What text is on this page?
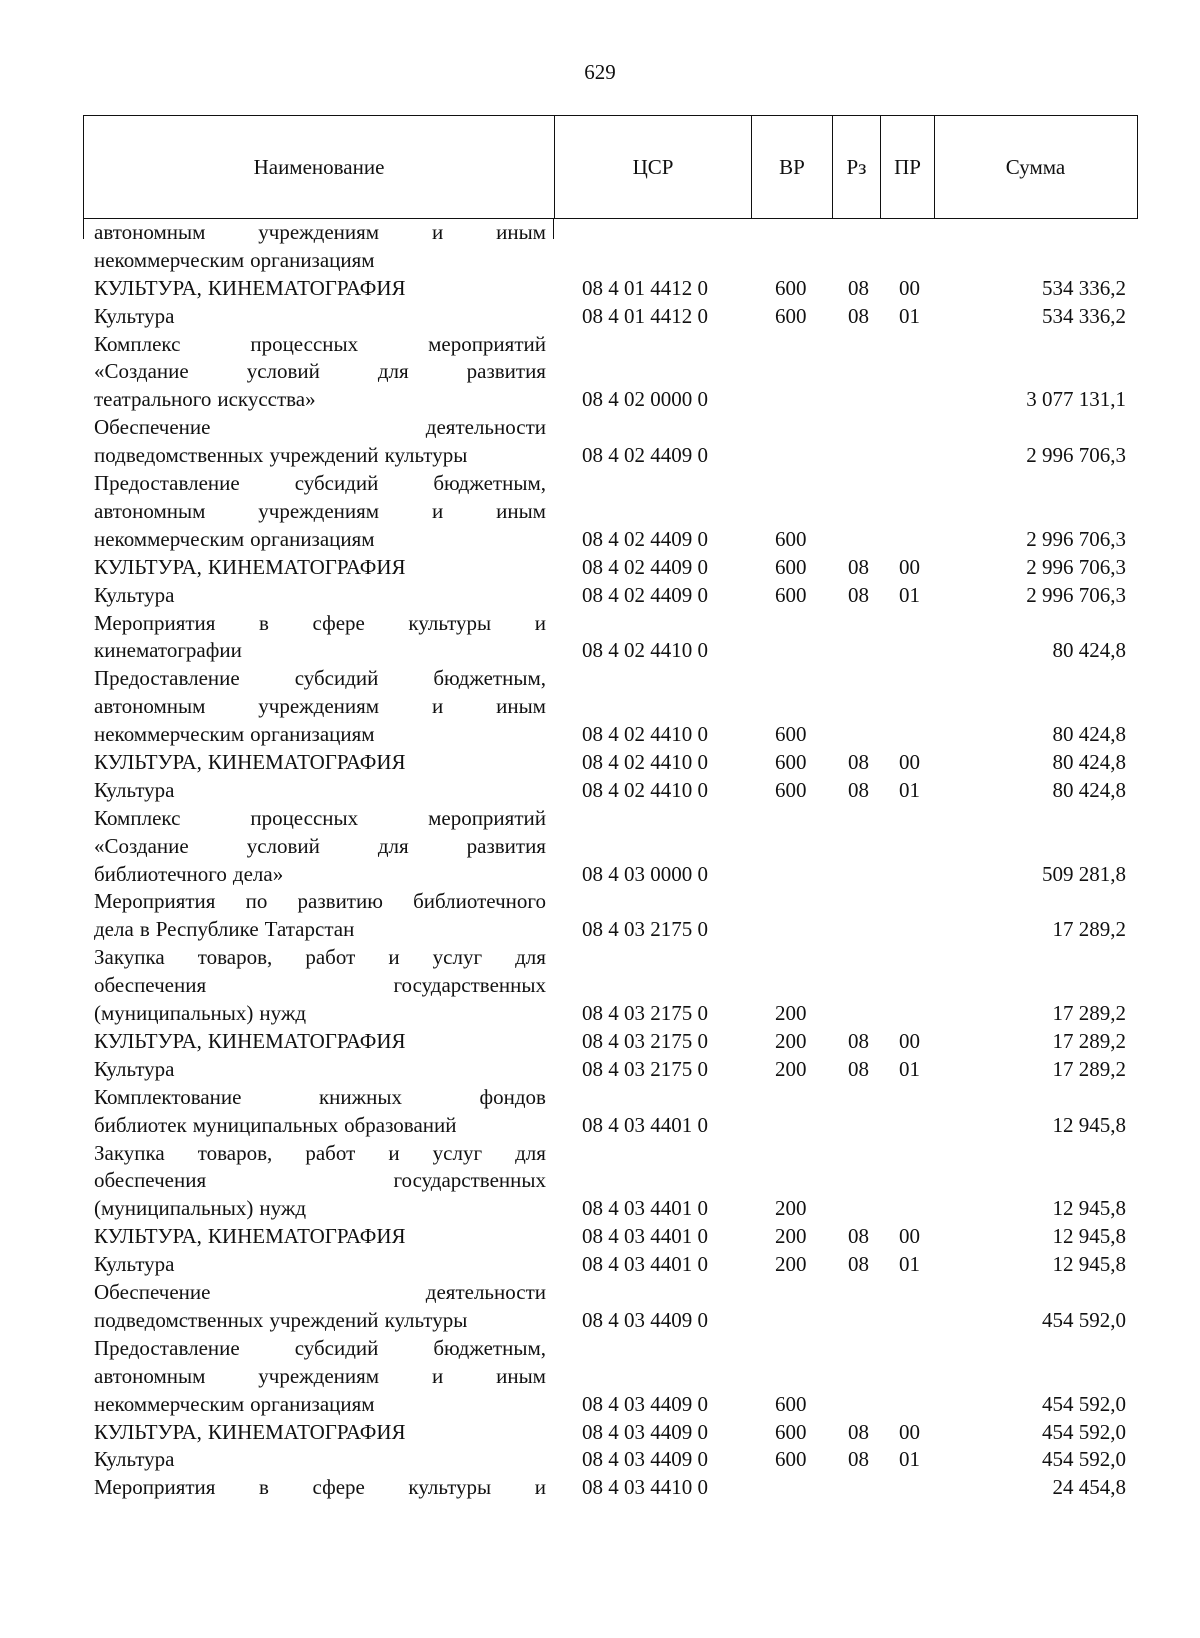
629
Наименование	ЦСР	ВР	Рз	ПР	Сумма
автономным	учреждениям	и	иным
некоммерческим организациям
КУЛЬТУРА, КИНЕМАТОГРАФИЯ	08 4 01 4412 0	600 08 00	534 336,2
Культура	08 4 01 4412 0	600 08 01	534 336,2
Комплекс	процессных	мероприятий
«Создание	условий	для	развития
театрального искусства»	08 4 02 0000 0	3 077 131,1
Обеспечение	деятельности
подведомственных учреждений культуры	08 4 02 4409 0	2 996 706,3
Предоставление	субсидий	бюджетным,
автономным	учреждениям	и	иным
некоммерческим организациям	08 4 02 4409 0	600	2 996 706,3
КУЛЬТУРА, КИНЕМАТОГРАФИЯ	08 4 02 4409 0	600 08 00	2 996 706,3
Культура	08 4 02 4409 0	600 08 01	2 996 706,3
Мероприятия в сфере культуры и
кинематографии	08 4 02 4410 0	80 424,8
Предоставление	субсидий	бюджетным,
автономным	учреждениям	и	иным
некоммерческим организациям	08 4 02 4410 0	600	80 424,8
КУЛЬТУРА, КИНЕМАТОГРАФИЯ	08 4 02 4410 0	600 08 00	80 424,8
Культура	08 4 02 4410 0	600 08 01	80 424,8
Комплекс	процессных	мероприятий
«Создание	условий	для	развития
библиотечного дела»	08 4 03 0000 0	509 281,8
Мероприятия по развитию библиотечного
дела в Республике Татарстан	08 4 03 2175 0	17 289,2
Закупка товаров, работ и услуг для
обеспечения	государственных
(муниципальных) нужд	08 4 03 2175 0	200	17 289,2
КУЛЬТУРА, КИНЕМАТОГРАФИЯ	08 4 03 2175 0	200 08 00	17 289,2
Культура	08 4 03 2175 0	200 08 01	17 289,2
Комплектование	книжных	фондов
библиотек муниципальных образований	08 4 03 4401 0	12 945,8
Закупка товаров, работ и услуг для
обеспечения	государственных
(муниципальных) нужд	08 4 03 4401 0	200	12 945,8
КУЛЬТУРА, КИНЕМАТОГРАФИЯ	08 4 03 4401 0	200 08 00	12 945,8
Культура	08 4 03 4401 0	200 08 01	12 945,8
Обеспечение	деятельности
подведомственных учреждений культуры	08 4 03 4409 0	454 592,0
Предоставление	субсидий	бюджетным,
автономным	учреждениям	и	иным
некоммерческим организациям	08 4 03 4409 0	600	454 592,0
КУЛЬТУРА, КИНЕМАТОГРАФИЯ	08 4 03 4409 0	600 08 00	454 592,0
Культура	08 4 03 4409 0	600 08 01	454 592,0
Мероприятия в сфере культуры и 08 4 03 4410 0	24 454,8
